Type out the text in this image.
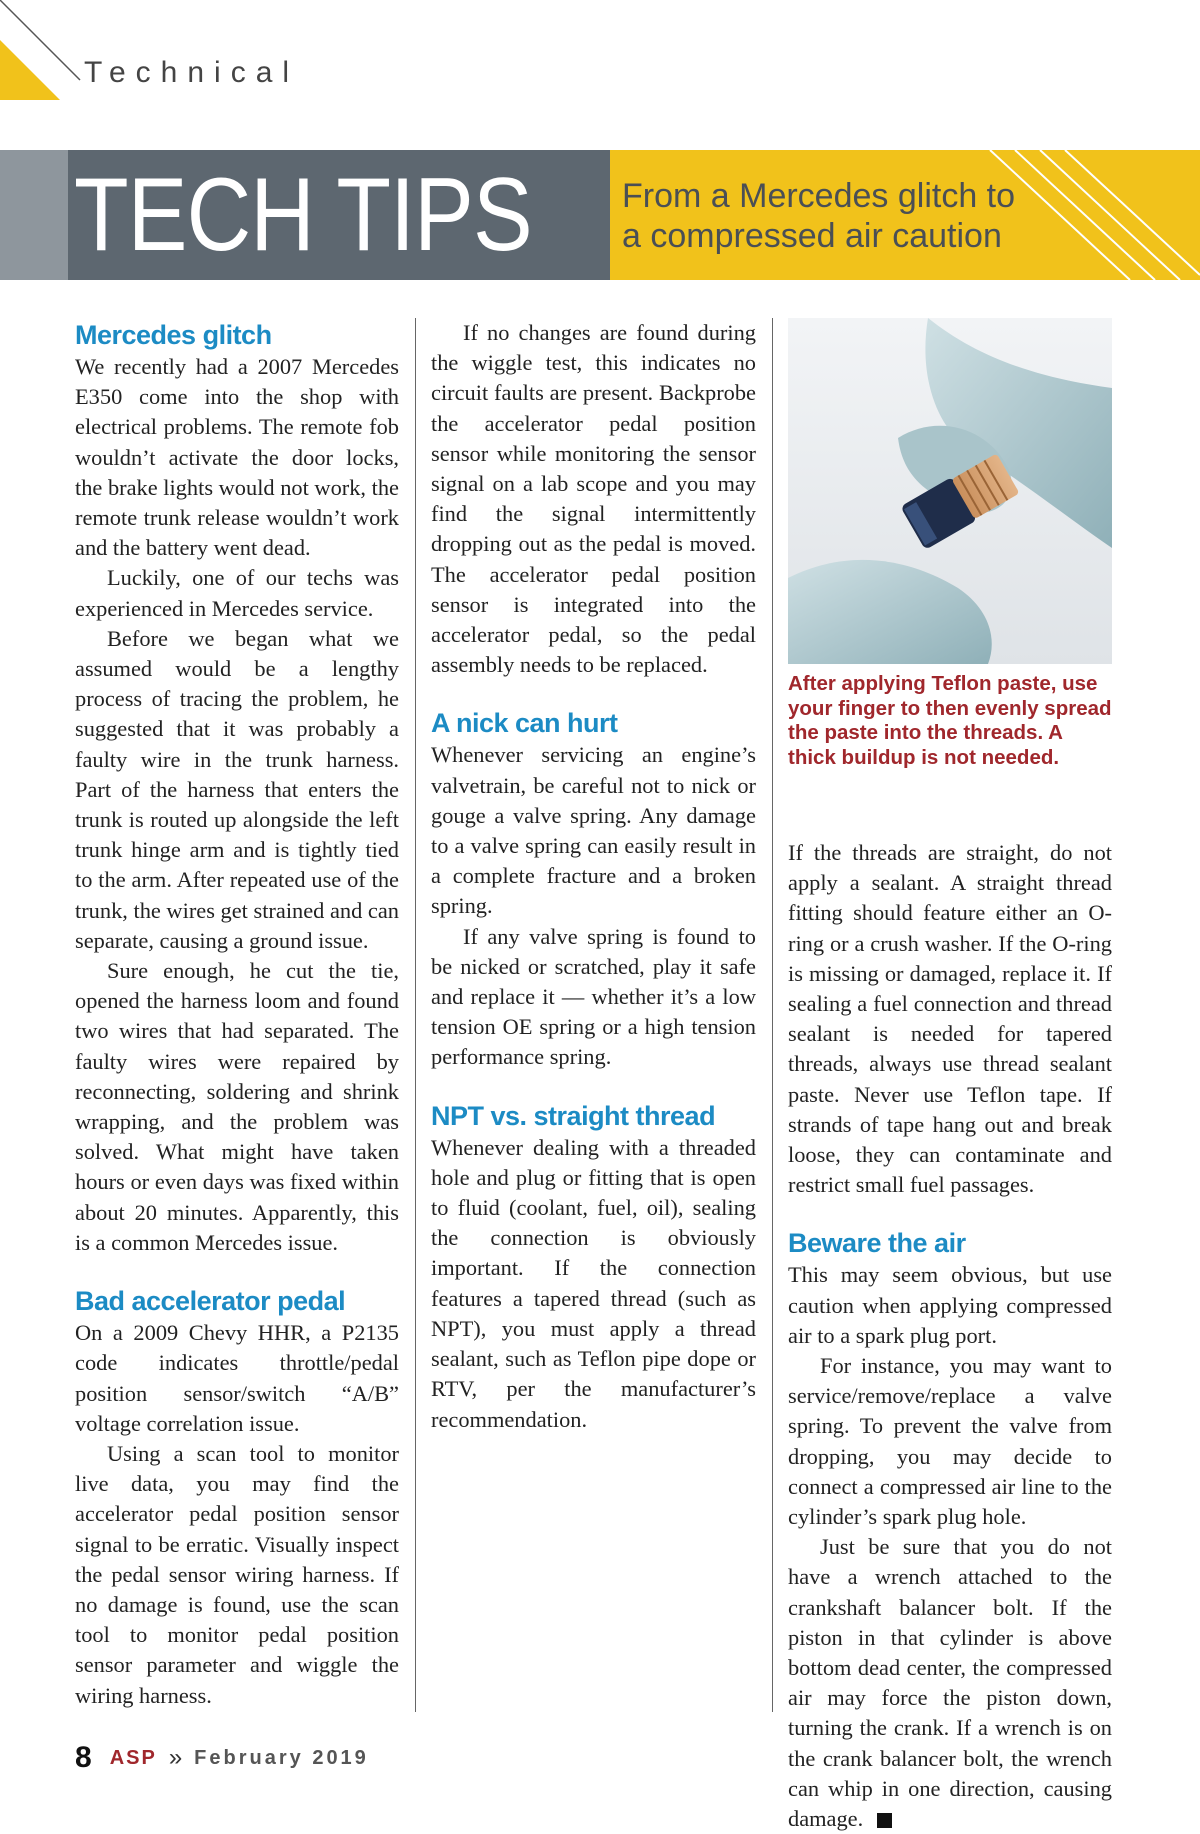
Technical
TECH TIPS	From a Mercedes glitch to a compressed air caution
Mercedes glitch

We recently had a 2007 Mercedes E350 come into the shop with electrical problems. The remote fob wouldn’t activate the door locks, the brake lights would not work, the remote trunk release wouldn’t work and the battery went dead.

Luckily, one of our techs was experienced in Mercedes service.

Before we began what we assumed would be a lengthy process of tracing the problem, he suggested that it was probably a faulty wire in the trunk harness. Part of the harness that enters the trunk is routed up alongside the left trunk hinge arm and is tightly tied to the arm. After repeated use of the trunk, the wires get strained and can separate, causing a ground issue.

Sure enough, he cut the tie, opened the harness loom and found two wires that had separated. The faulty wires were repaired by reconnecting, soldering and shrink wrapping, and the problem was solved. What might have taken hours or even days was fixed within about 20 minutes. Apparently, this is a common Mercedes issue.

Bad accelerator pedal

On a 2009 Chevy HHR, a P2135 code indicates throttle/pedal position sensor/switch “A/B” voltage correlation issue.

Using a scan tool to monitor live data, you may find the accelerator pedal position sensor signal to be erratic. Visually inspect the pedal sensor wiring harness. If no damage is found, use the scan tool to monitor pedal position sensor parameter and wiggle the wiring harness.

If no changes are found during the wiggle test, this indicates no circuit faults are present. Backprobe the accelerator pedal position sensor while monitoring the sensor signal on a lab scope and you may find the signal intermittently dropping out as the pedal is moved. The accelerator pedal position sensor is integrated into the accelerator pedal, so the pedal assembly needs to be replaced.

A nick can hurt

Whenever servicing an engine’s valvetrain, be careful not to nick or gouge a valve spring. Any damage to a valve spring can easily result in a complete fracture and a broken spring.

If any valve spring is found to be nicked or scratched, play it safe and replace it — whether it’s a low tension OE spring or a high tension performance spring.

NPT vs. straight thread

Whenever dealing with a threaded hole and plug or fitting that is open to fluid (coolant, fuel, oil), sealing the connection is obviously important. If the connection features a tapered thread (such as NPT), you must apply a thread sealant, such as Teflon pipe dope or RTV, per the manufacturer’s recommendation.

After applying Teflon paste, use your finger to then evenly spread the paste into the threads. A thick buildup is not needed.

If the threads are straight, do not apply a sealant. A straight thread fitting should feature either an O-ring or a crush washer. If the O-ring is missing or damaged, replace it. If sealing a fuel connection and thread sealant is needed for tapered threads, always use thread sealant paste. Never use Teflon tape. If strands of tape hang out and break loose, they can contaminate and restrict small fuel passages.

Beware the air

This may seem obvious, but use caution when applying compressed air to a spark plug port.

For instance, you may want to service/remove/replace a valve spring. To prevent the valve from dropping, you may decide to connect a compressed air line to the cylinder’s spark plug hole.

Just be sure that you do not have a wrench attached to the crankshaft balancer bolt. If the piston in that cylinder is above bottom dead center, the compressed air may force the piston down, turning the crank. If a wrench is on the crank balancer bolt, the wrench can whip in one direction, causing damage.

8 ASP » February 2019
